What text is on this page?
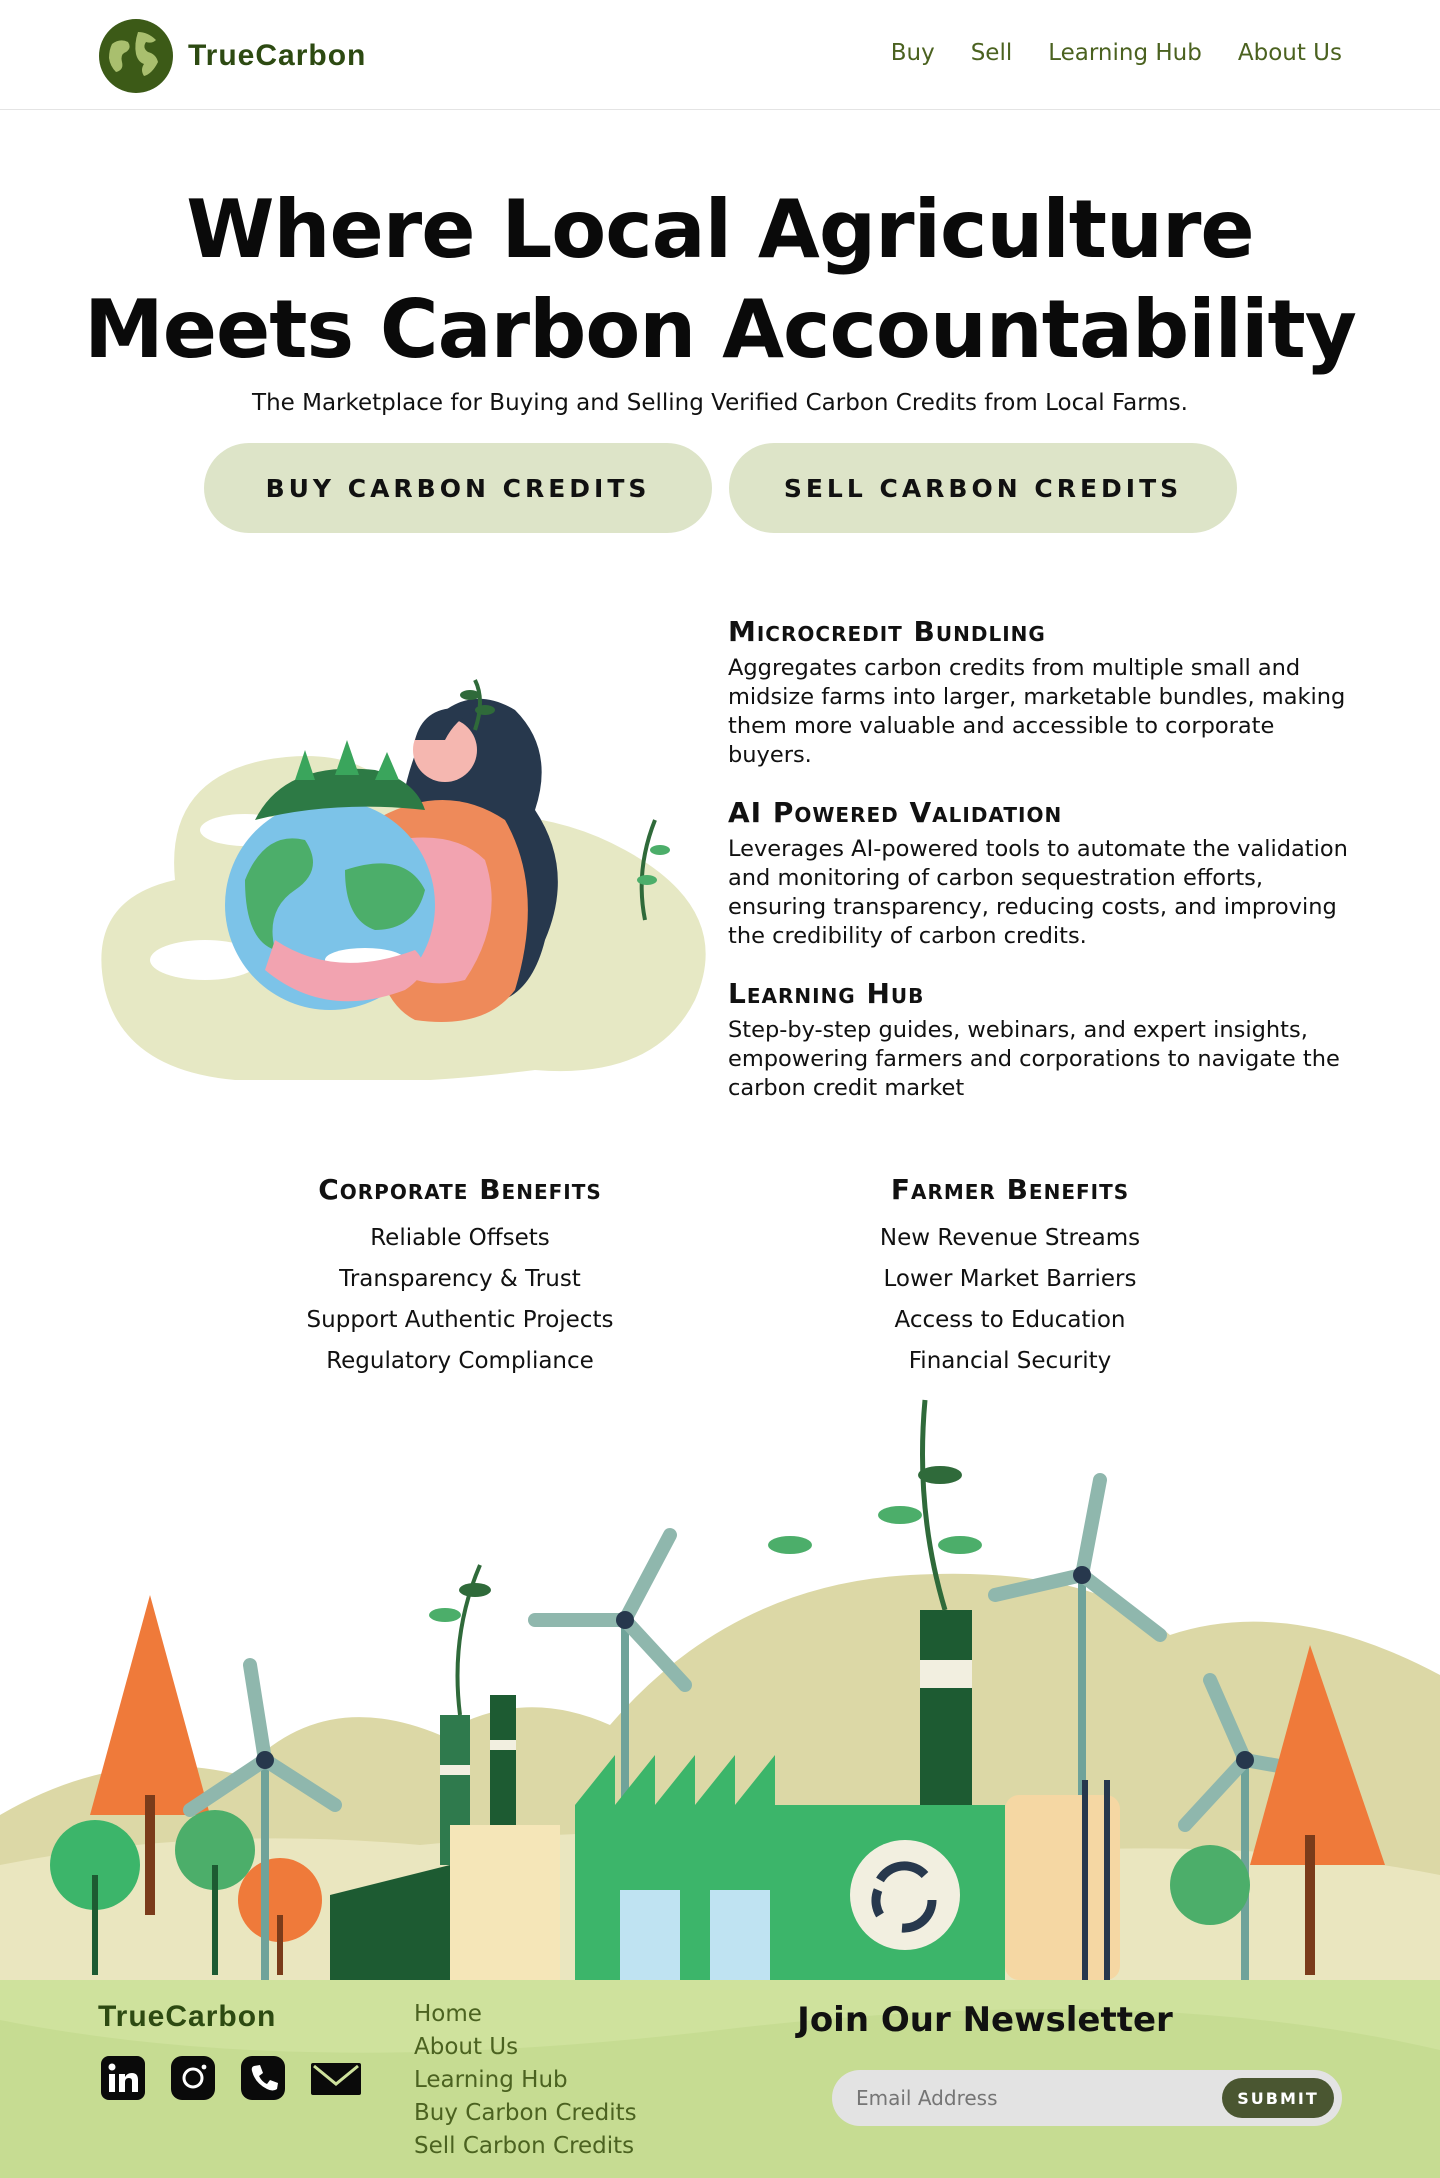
TrueCarbon	Buy Sell Learning Hub About Us
Where Local Agriculture
Meets Carbon Accountability

The Marketplace for Buying and Selling Verified Carbon Credits from Local Farms.

BUY CARBON CREDITS	SELL CARBON CREDITS
Microcredit Bundling

Aggregates carbon credits from multiple small and midsize farms into larger, marketable bundles, making them more valuable and accessible to corporate buyers.

AI Powered Validation

Leverages AI-powered tools to automate the validation and monitoring of carbon sequestration efforts, ensuring transparency, reducing costs, and improving the credibility of carbon credits.

Learning Hub

Step-by-step guides, webinars, and expert insights, empowering farmers and corporations to navigate the carbon credit market

Corporate Benefits
Reliable Offsets
Transparency & Trust
Support Authentic Projects
Regulatory Compliance
Farmer Benefits
New Revenue Streams
Lower Market Barriers
Access to Education
Financial Security
TrueCarbon	Home
About Us
Learning Hub
Buy Carbon Credits
Sell Carbon Credits
Join Our Newsletter
Email Address
SUBMIT
